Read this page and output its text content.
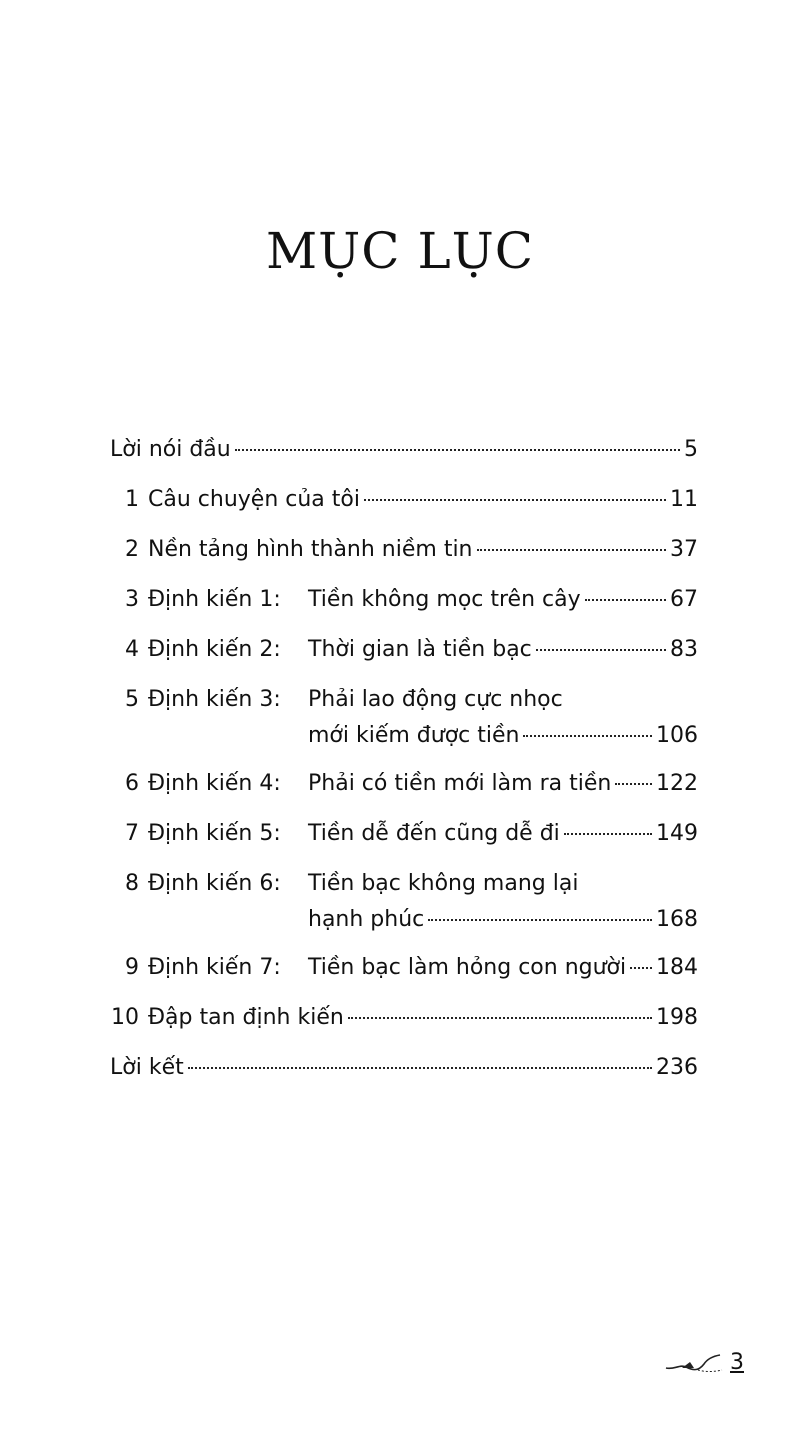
MỤC LỤC
Lời nói đầu	5
1 Câu chuyện của tôi	11
2 Nền tảng hình thành niềm tin	37
3 Định kiến 1:	Tiền không mọc trên cây	67
4 Định kiến 2:	Thời gian là tiền bạc	83
5 Định kiến 3:	Phải lao động cực nhọc
mới kiếm được tiền	106
6 Định kiến 4:	Phải có tiền mới làm ra tiền 122
7 Định kiến 5:	Tiền dễ đến cũng dễ đi	149
8 Định kiến 6:	Tiền bạc không mang lại
hạnh phúc	168
9 Định kiến 7:	Tiền bạc làm hỏng con người 184
10 Đập tan định kiến	198
Lời kết	236
3
